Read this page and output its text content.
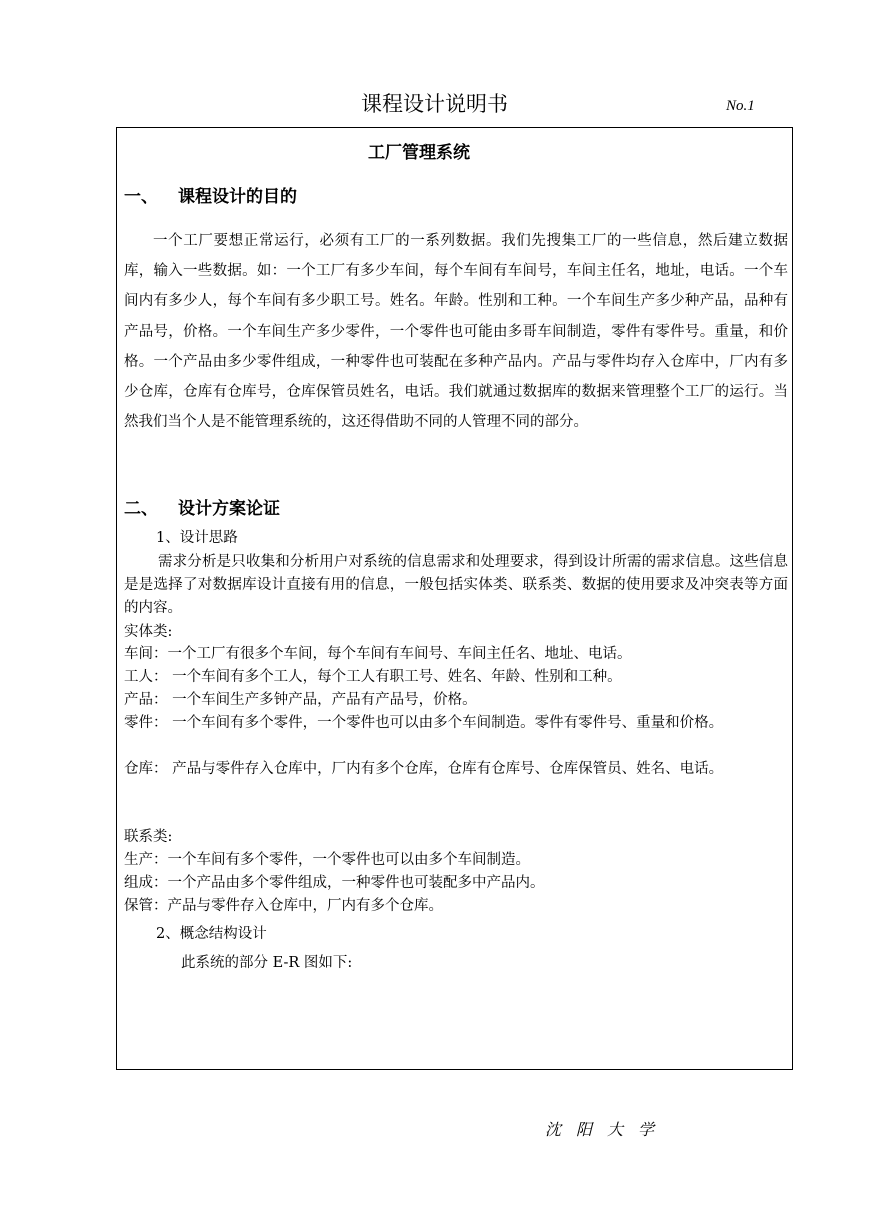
课程设计说明书	No.1
工厂管理系统
一、 课程设计的目的
一个工厂要想正常运行，必须有工厂的一系列数据。我们先搜集工厂的一些信息，然后建立数据库，输入一些数据。如：一个工厂有多少车间，每个车间有车间号，车间主任名，地址，电话。一个车间内有多少人，每个车间有多少职工号。姓名。年龄。性别和工种。一个车间生产多少种产品，品种有产品号，价格。一个车间生产多少零件，一个零件也可能由多哥车间制造，零件有零件号。重量，和价格。一个产品由多少零件组成，一种零件也可装配在多种产品内。产品与零件均存入仓库中，厂内有多少仓库，仓库有仓库号，仓库保管员姓名，电话。我们就通过数据库的数据来管理整个工厂的运行。当然我们当个人是不能管理系统的，这还得借助不同的人管理不同的部分。
二、 设计方案论证
1、设计思路
需求分析是只收集和分析用户对系统的信息需求和处理要求，得到设计所需的需求信息。这些信息是是选择了对数据库设计直接有用的信息，一般包括实体类、联系类、数据的使用要求及冲突表等方面的内容。
实体类:
车间：一个工厂有很多个车间，每个车间有车间号、车间主任名、地址、电话。
工人： 一个车间有多个工人，每个工人有职工号、姓名、年龄、性别和工种。
产品： 一个车间生产多钟产品，产品有产品号，价格。
零件： 一个车间有多个零件，一个零件也可以由多个车间制造。零件有零件号、重量和价格。
仓库： 产品与零件存入仓库中，厂内有多个仓库，仓库有仓库号、仓库保管员、姓名、电话。
联系类:
生产：一个车间有多个零件，一个零件也可以由多个车间制造。
组成：一个产品由多个零件组成，一种零件也可装配多中产品内。
保管：产品与零件存入仓库中，厂内有多个仓库。
2、概念结构设计
此系统的部分 E-R 图如下:
沈阳大学
